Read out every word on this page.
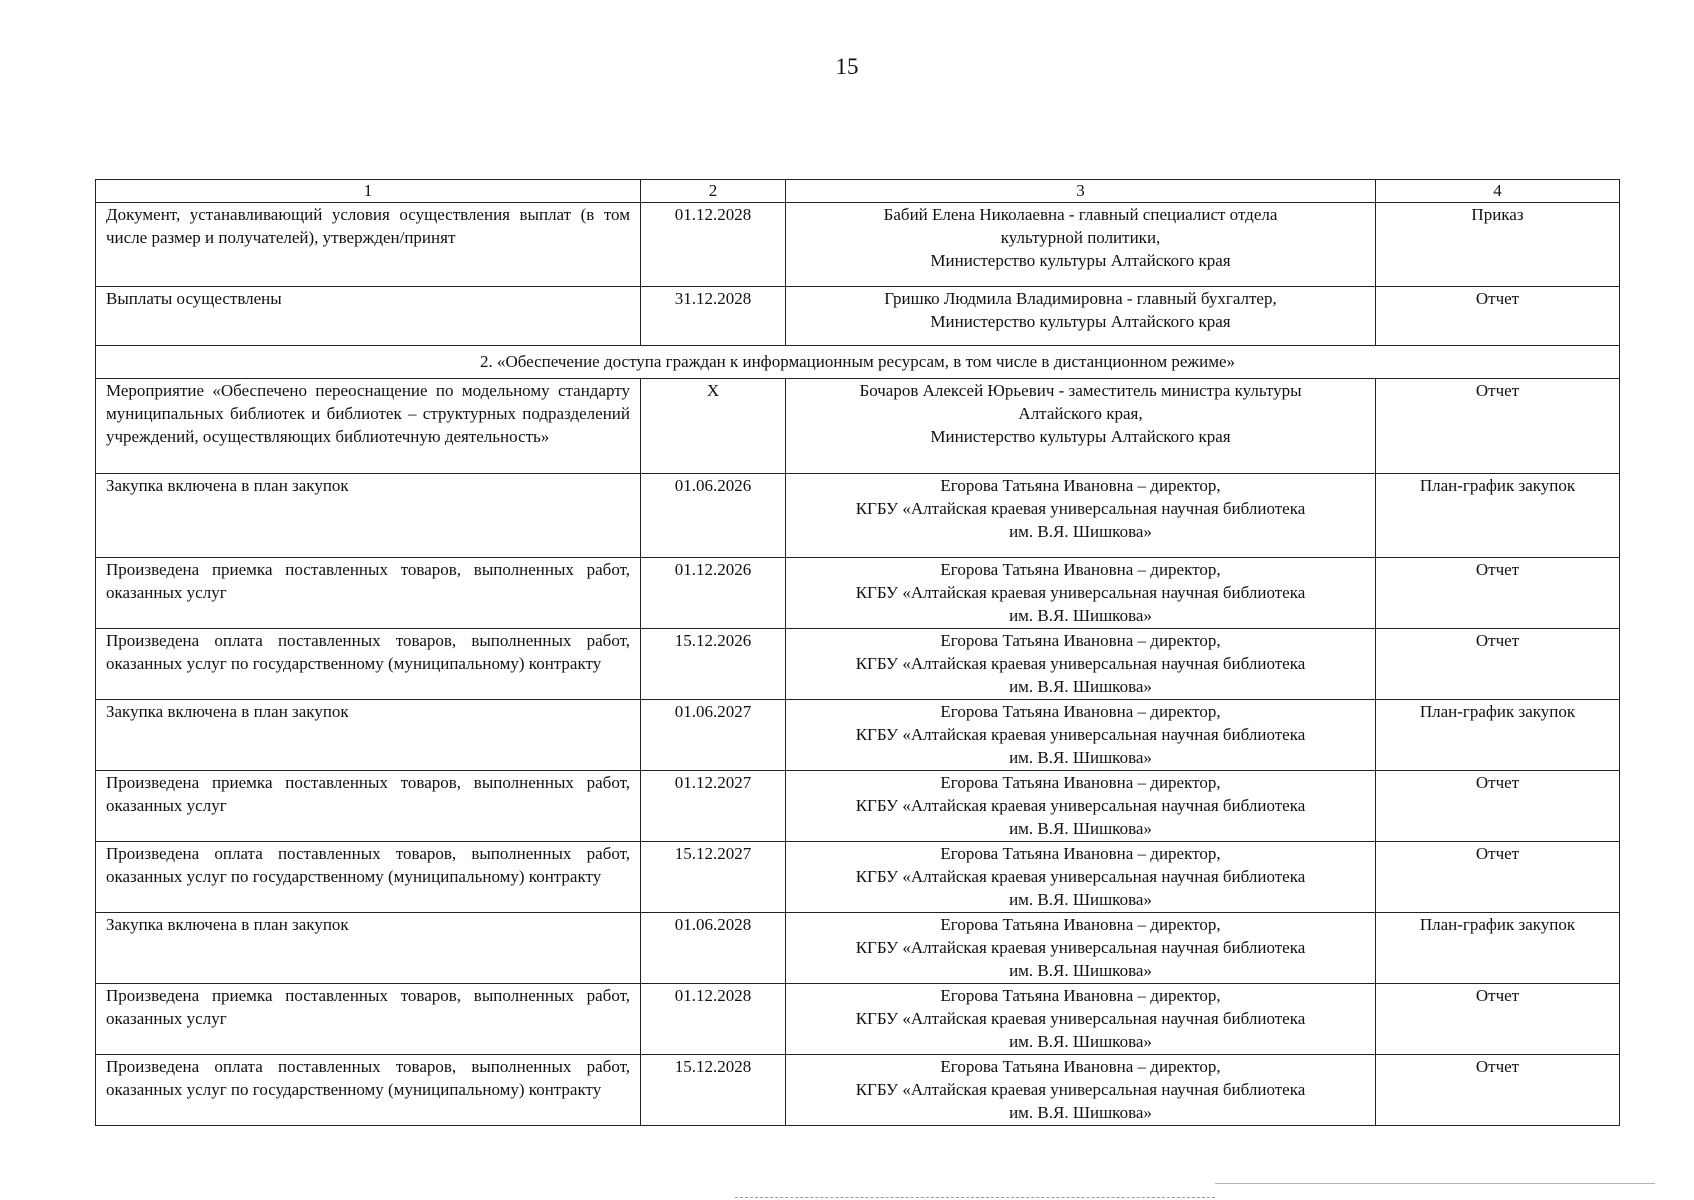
15
1	2	3	4
Документ, устанавливающий условия осуществления выплат (в том числе размер и получателей), утвержден/принят	01.12.2028	Бабий Елена Николаевна - главный специалист отдела
культурной политики,
Министерство культуры Алтайского края	Приказ
Выплаты осуществлены	31.12.2028	Гришко Людмила Владимировна - главный бухгалтер,
Министерство культуры Алтайского края	Отчет
2. «Обеспечение доступа граждан к информационным ресурсам, в том числе в дистанционном режиме»			
Мероприятие «Обеспечено переоснащение по модельному стандарту муниципальных библиотек и библиотек – структурных подразделений учреждений, осуществляющих библиотечную деятельность»	X	Бочаров Алексей Юрьевич - заместитель министра культуры
Алтайского края,
Министерство культуры Алтайского края	Отчет
Закупка включена в план закупок	01.06.2026	Егорова Татьяна Ивановна – директор,
КГБУ «Алтайская краевая универсальная научная библиотека
им. В.Я. Шишкова»	План-график закупок
Произведена приемка поставленных товаров, выполненных работ, оказанных услуг	01.12.2026	Егорова Татьяна Ивановна – директор,
КГБУ «Алтайская краевая универсальная научная библиотека
им. В.Я. Шишкова»	Отчет
Произведена оплата поставленных товаров, выполненных работ, оказанных услуг по государственному (муниципальному) контракту	15.12.2026	Егорова Татьяна Ивановна – директор,
КГБУ «Алтайская краевая универсальная научная библиотека
им. В.Я. Шишкова»	Отчет
Закупка включена в план закупок	01.06.2027	Егорова Татьяна Ивановна – директор,
КГБУ «Алтайская краевая универсальная научная библиотека
им. В.Я. Шишкова»	План-график закупок
Произведена приемка поставленных товаров, выполненных работ, оказанных услуг	01.12.2027	Егорова Татьяна Ивановна – директор,
КГБУ «Алтайская краевая универсальная научная библиотека
им. В.Я. Шишкова»	Отчет
Произведена оплата поставленных товаров, выполненных работ, оказанных услуг по государственному (муниципальному) контракту	15.12.2027	Егорова Татьяна Ивановна – директор,
КГБУ «Алтайская краевая универсальная научная библиотека
им. В.Я. Шишкова»	Отчет
Закупка включена в план закупок	01.06.2028	Егорова Татьяна Ивановна – директор,
КГБУ «Алтайская краевая универсальная научная библиотека
им. В.Я. Шишкова»	План-график закупок
Произведена приемка поставленных товаров, выполненных работ, оказанных услуг	01.12.2028	Егорова Татьяна Ивановна – директор,
КГБУ «Алтайская краевая универсальная научная библиотека
им. В.Я. Шишкова»	Отчет
Произведена оплата поставленных товаров, выполненных работ, оказанных услуг по государственному (муниципальному) контракту	15.12.2028	Егорова Татьяна Ивановна – директор,
КГБУ «Алтайская краевая универсальная научная библиотека
им. В.Я. Шишкова»	Отчет
